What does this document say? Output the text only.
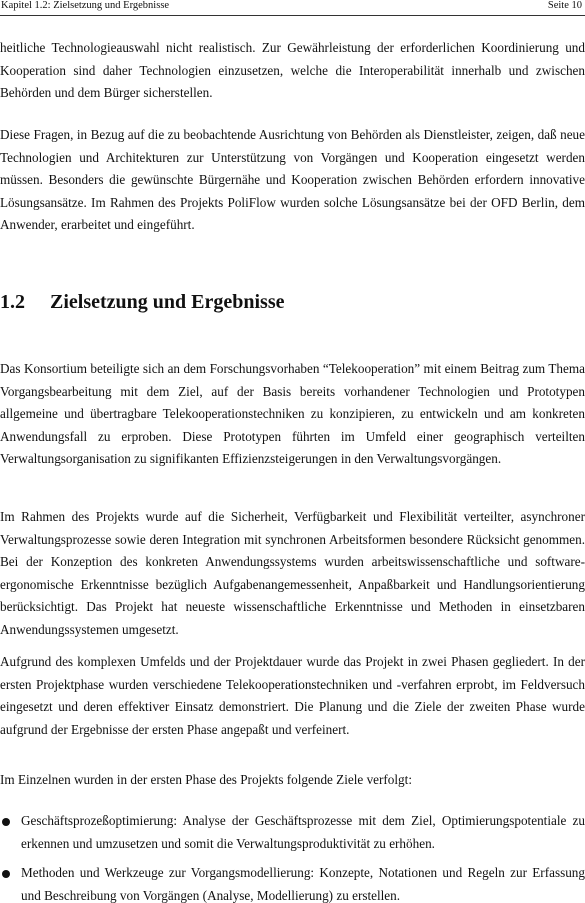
Kapitel 1.2: Zielsetzung und Ergebnisse	Seite 10

heitliche Technologieauswahl nicht realistisch. Zur Gewährleistung der erforderlichen Koordinierung und Kooperation sind daher Technologien einzusetzen, welche die Interoperabilität innerhalb und zwischen Behörden und dem Bürger sicherstellen.

Diese Fragen, in Bezug auf die zu beobachtende Ausrichtung von Behörden als Dienstleister, zeigen, daß neue Technologien und Architekturen zur Unterstützung von Vorgängen und Kooperation eingesetzt werden müssen. Besonders die gewünschte Bürgernähe und Kooperation zwischen Behörden erfordern innovative Lösungsansätze. Im Rahmen des Projekts PoliFlow wurden solche Lösungsansätze bei der OFD Berlin, dem Anwender, erarbeitet und eingeführt.

1.2 Zielsetzung und Ergebnisse

Das Konsortium beteiligte sich an dem Forschungsvorhaben “Telekooperation” mit einem Beitrag zum Thema Vorgangsbearbeitung mit dem Ziel, auf der Basis bereits vorhandener Technologien und Prototypen allgemeine und übertragbare Telekooperationstechniken zu konzipieren, zu entwickeln und am konkreten Anwendungsfall zu erproben. Diese Prototypen führten im Umfeld einer geographisch verteilten Verwaltungsorganisation zu signifikanten Effizienzsteigerungen in den Verwaltungsvorgängen.

Im Rahmen des Projekts wurde auf die Sicherheit, Verfügbarkeit und Flexibilität verteilter, asynchroner Verwaltungsprozesse sowie deren Integration mit synchronen Arbeitsformen besondere Rücksicht genommen. Bei der Konzeption des konkreten Anwendungssystems wurden arbeitswissenschaftliche und software-ergonomische Erkenntnisse bezüglich Aufgabenangemessenheit, Anpaßbarkeit und Handlungsorientierung berücksichtigt. Das Projekt hat neueste wissenschaftliche Erkenntnisse und Methoden in einsetzbaren Anwendungssystemen umgesetzt.

Aufgrund des komplexen Umfelds und der Projektdauer wurde das Projekt in zwei Phasen gegliedert. In der ersten Projektphase wurden verschiedene Telekooperationstechniken und -verfahren erprobt, im Feldversuch eingesetzt und deren effektiver Einsatz demonstriert. Die Planung und die Ziele der zweiten Phase wurde aufgrund der Ergebnisse der ersten Phase angepaßt und verfeinert.

Im Einzelnen wurden in der ersten Phase des Projekts folgende Ziele verfolgt:

Geschäftsprozeßoptimierung: Analyse der Geschäftsprozesse mit dem Ziel, Optimierungspotentiale zu erkennen und umzusetzen und somit die Verwaltungsproduktivität zu erhöhen.
Methoden und Werkzeuge zur Vorgangsmodellierung: Konzepte, Notationen und Regeln zur Erfassung und Beschreibung von Vorgängen (Analyse, Modellierung) zu erstellen.
